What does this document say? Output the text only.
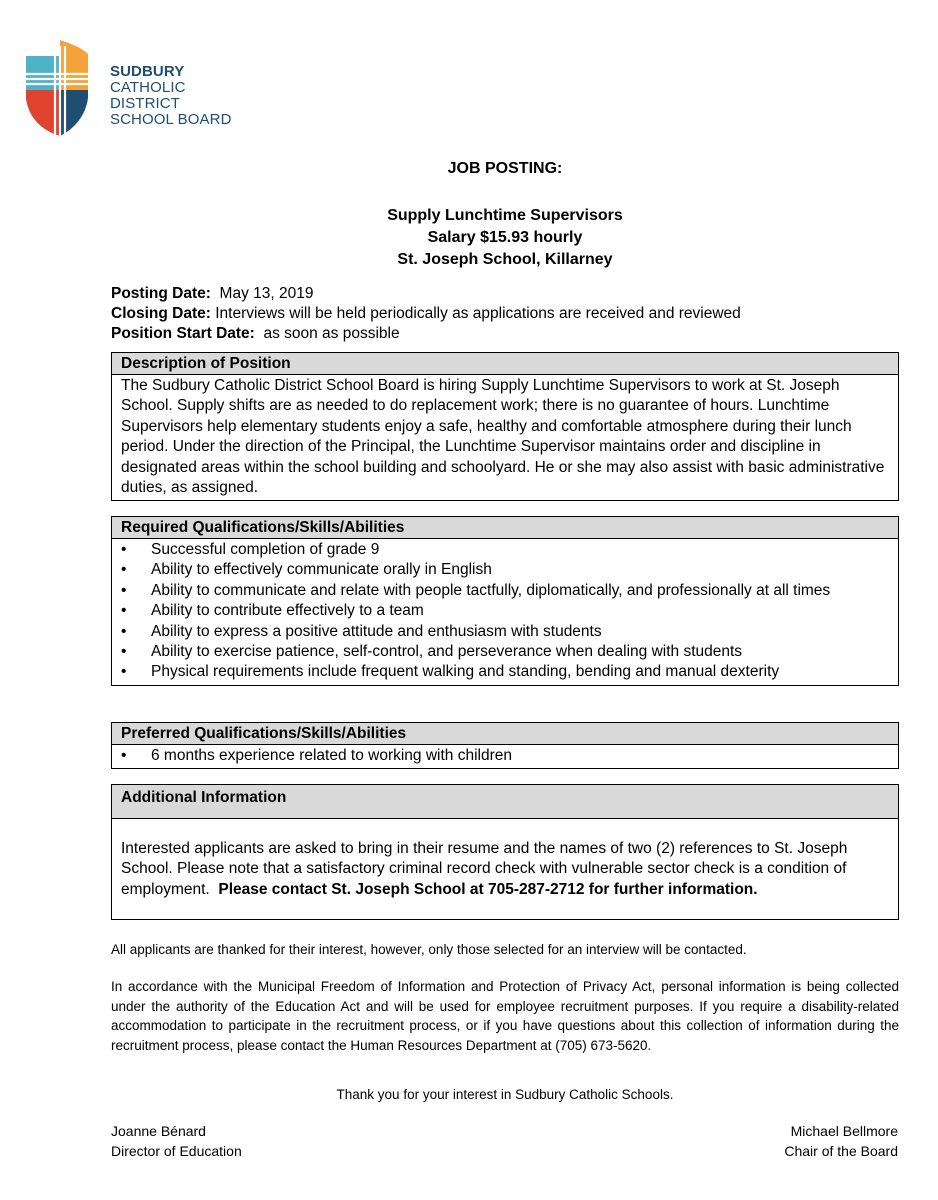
SUDBURY
CATHOLIC
DISTRICT
SCHOOL BOARD
JOB POSTING:
Supply Lunchtime Supervisors
Salary $15.93 hourly
St. Joseph School, Killarney
Posting Date: May 13, 2019
Closing Date: Interviews will be held periodically as applications are received and reviewed
Position Start Date: as soon as possible
Description of Position
The Sudbury Catholic District School Board is hiring Supply Lunchtime Supervisors to work at St. Joseph School. Supply shifts are as needed to do replacement work; there is no guarantee of hours. Lunchtime Supervisors help elementary students enjoy a safe, healthy and comfortable atmosphere during their lunch period. Under the direction of the Principal, the Lunchtime Supervisor maintains order and discipline in designated areas within the school building and schoolyard. He or she may also assist with basic administrative duties, as assigned.
Required Qualifications/Skills/Abilities
• Successful completion of grade 9
• Ability to effectively communicate orally in English
• Ability to communicate and relate with people tactfully, diplomatically, and professionally at all times
• Ability to contribute effectively to a team
• Ability to express a positive attitude and enthusiasm with students
• Ability to exercise patience, self-control, and perseverance when dealing with students
• Physical requirements include frequent walking and standing, bending and manual dexterity
Preferred Qualifications/Skills/Abilities
• 6 months experience related to working with children
Additional Information
Interested applicants are asked to bring in their resume and the names of two (2) references to St. Joseph School. Please note that a satisfactory criminal record check with vulnerable sector check is a condition of employment. Please contact St. Joseph School at 705-287-2712 for further information.
All applicants are thanked for their interest, however, only those selected for an interview will be contacted.
In accordance with the Municipal Freedom of Information and Protection of Privacy Act, personal information is being collected under the authority of the Education Act and will be used for employee recruitment purposes. If you require a disability-related accommodation to participate in the recruitment process, or if you have questions about this collection of information during the recruitment process, please contact the Human Resources Department at (705) 673-5620.
Thank you for your interest in Sudbury Catholic Schools.
Joanne Bénard
Director of Education
Michael Bellmore
Chair of the Board
